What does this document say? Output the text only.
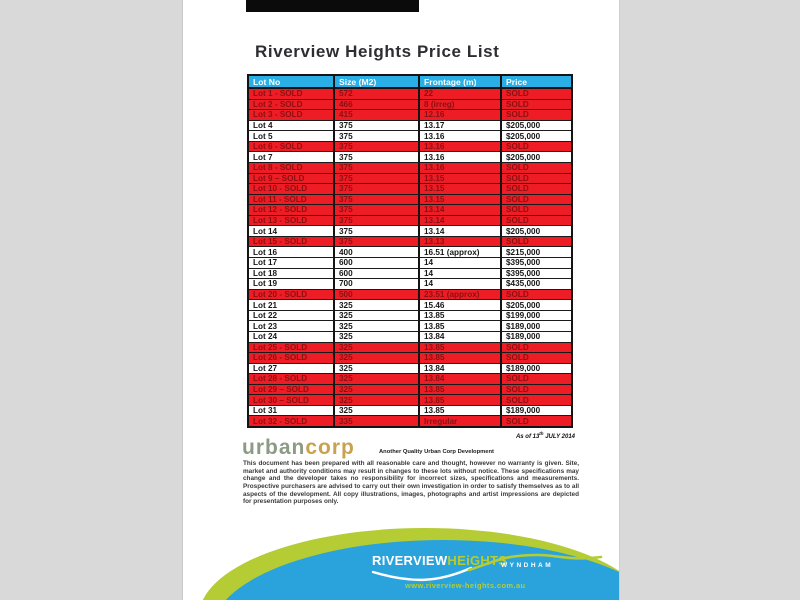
Riverview Heights Price List
Lot No	Size (M2)	Frontage (m)	Price
Lot 1 - SOLD	572	22	SOLD
Lot 2 - SOLD	466	8 (irreg)	SOLD
Lot 3 - SOLD	415	12.16	SOLD
Lot 4	375	13.17	$205,000
Lot 5	375	13.16	$205,000
Lot 6 - SOLD	375	13.16	SOLD
Lot 7	375	13.16	$205,000
Lot 8 - SOLD	375	13.16	SOLD
Lot 9 – SOLD	375	13.15	SOLD
Lot 10 - SOLD	375	13.15	SOLD
Lot 11 - SOLD	375	13.15	SOLD
Lot 12 - SOLD	375	13.14	SOLD
Lot 13 - SOLD	375	13.14	SOLD
Lot 14	375	13.14	$205,000
Lot 15 - SOLD	375	13.13	SOLD
Lot 16	400	16.51 (approx)	$215,000
Lot 17	600	14	$395,000
Lot 18	600	14	$395,000
Lot 19	700	14	$435,000
Lot 20 - SOLD	500	23.51 (approx)	SOLD
Lot 21	325	15.46	$205,000
Lot 22	325	13.85	$199,000
Lot 23	325	13.85	$189,000
Lot 24	325	13.84	$189,000
Lot 25 - SOLD	325	13.85	SOLD
Lot 26 - SOLD	325	13.85	SOLD
Lot 27	325	13.84	$189,000
Lot 28 - SOLD	325	13.84	SOLD
Lot 29 – SOLD	325	13.85	SOLD
Lot 30 – SOLD	325	13.85	SOLD
Lot 31	325	13.85	$189,000
Lot 32 - SOLD	335	Irregular	SOLD
As of 13th JULY 2014
urbancorp	Another Quality Urban Corp Development

This document has been prepared with all reasonable care and thought, however no warranty is given. Site, market and authority conditions may result in changes to these lots without notice. These specifications may change and the developer takes no responsibility for incorrect sizes, specifications and measurements. Prospective purchasers are advised to carry out their own investigation in order to satisfy themselves as to all aspects of the development. All copy illustrations, images, photographs and artist impressions are depicted for presentation purposes only.

RIVERVIEWHEiGHTS
WYNDHAM
www.riverview-heights.com.au
